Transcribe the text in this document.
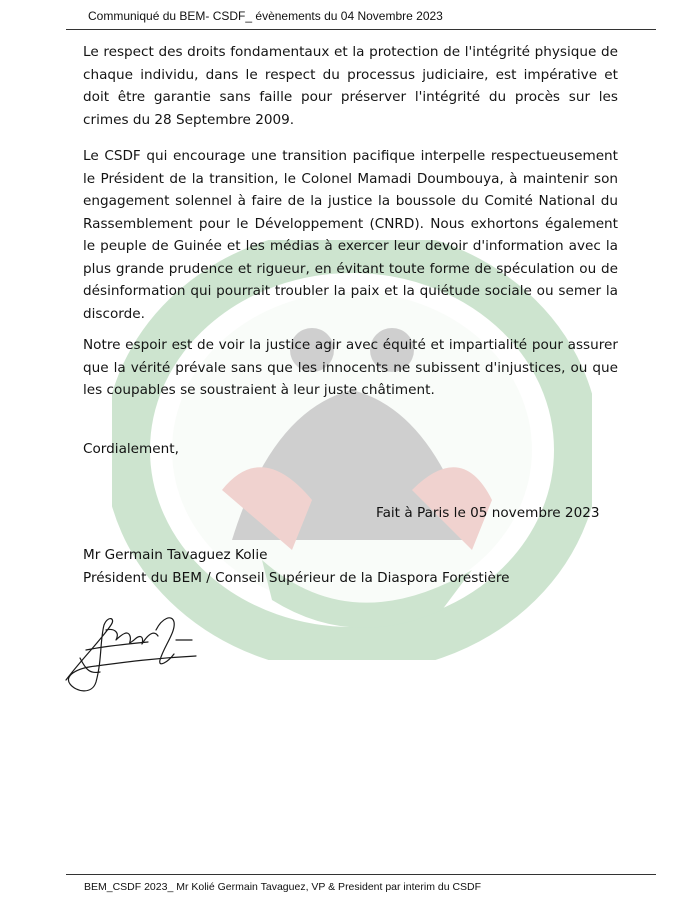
Communiqué du BEM- CSDF_ évènements du 04 Novembre 2023
Le respect des droits fondamentaux et la protection de l'intégrité physique de chaque individu, dans le respect du processus judiciaire, est impérative et doit être garantie sans faille pour préserver l'intégrité du procès sur les crimes du 28 Septembre 2009.
Le CSDF qui encourage une transition pacifique interpelle respectueusement le Président de la transition, le Colonel Mamadi Doumbouya, à maintenir son engagement solennel à faire de la justice la boussole du Comité National du Rassemblement pour le Développement (CNRD). Nous exhortons également le peuple de Guinée et les médias à exercer leur devoir d'information avec la plus grande prudence et rigueur, en évitant toute forme de spéculation ou de désinformation qui pourrait troubler la paix et la quiétude sociale ou semer la discorde.
Notre espoir est de voir la justice agir avec équité et impartialité pour assurer que la vérité prévale sans que les innocents ne subissent d'injustices, ou que les coupables se soustraient à leur juste châtiment.
Cordialement,
Fait à Paris le 05 novembre 2023
Mr Germain Tavaguez Kolie
Président du BEM / Conseil Supérieur de la Diaspora Forestière
BEM_CSDF 2023_ Mr Kolié Germain Tavaguez, VP & President par interim du CSDF
